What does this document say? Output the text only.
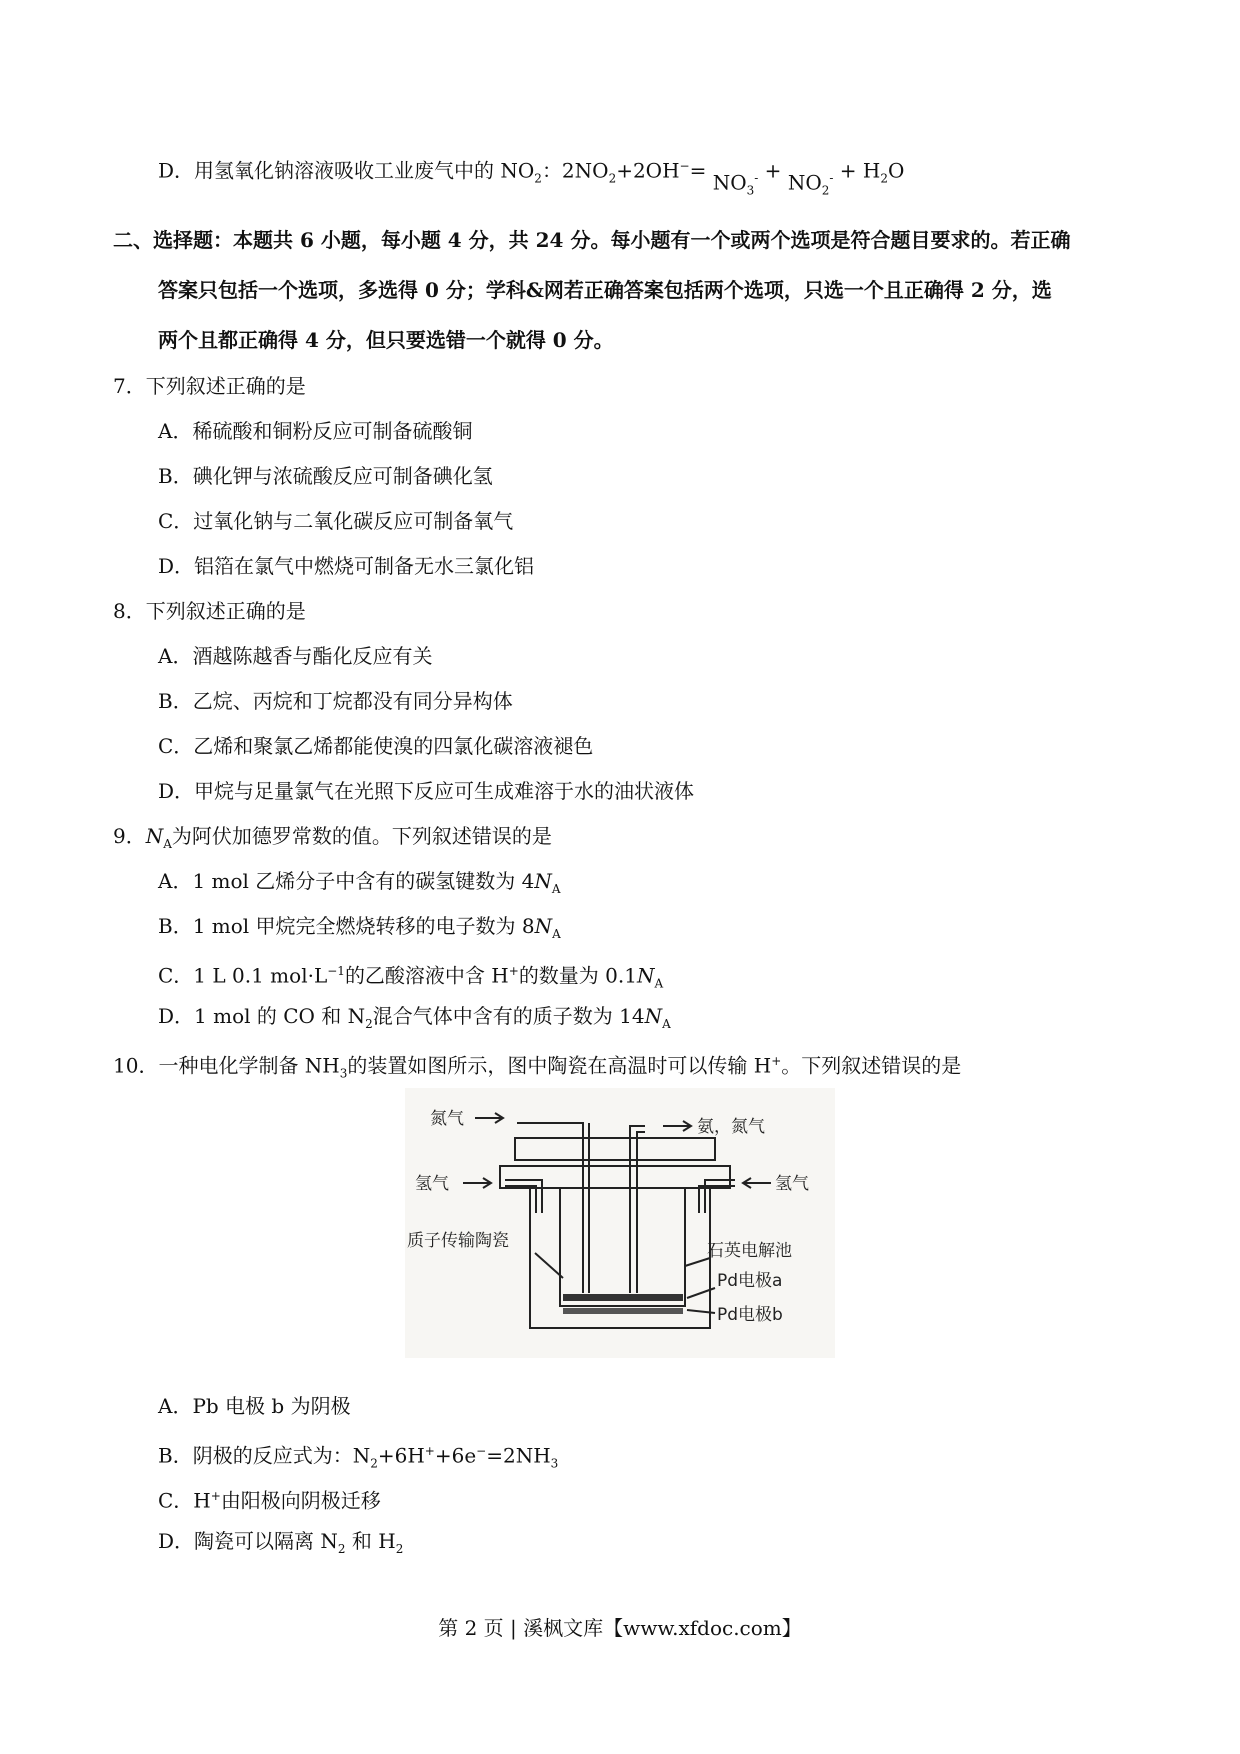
D．用氢氧化钠溶液吸收工业废气中的 $NO_2$：$2NO_2+2OH^-= NO_3^- + NO_2^- + H_2O$
二、选择题：本题共 6 小题，每小题 4 分，共 24 分。每小题有一个或两个选项是符合题目要求的。若正确
答案只包括一个选项，多选得 0 分；学科&网若正确答案包括两个选项，只选一个且正确得 2 分，选
两个且都正确得 4 分，但只要选错一个就得 0 分。
7．下列叙述正确的是
A．稀硫酸和铜粉反应可制备硫酸铜
B．碘化钾与浓硫酸反应可制备碘化氢
C．过氧化钠与二氧化碳反应可制备氧气
D．铝箔在氯气中燃烧可制备无水三氯化铝
8．下列叙述正确的是
A．酒越陈越香与酯化反应有关
B．乙烷、丙烷和丁烷都没有同分异构体
C．乙烯和聚氯乙烯都能使溴的四氯化碳溶液褪色
D．甲烷与足量氯气在光照下反应可生成难溶于水的油状液体
9．$N_A$为阿伏加德罗常数的值。下列叙述错误的是
A．1 mol 乙烯分子中含有的碳氢键数为 $4N_A$
B．1 mol 甲烷完全燃烧转移的电子数为 $8N_A$
C．1 L 0.1 $mol\cdot L^{-1}$的乙酸溶液中含 H+的数量为 $0.1N_A$
D．1 mol 的 CO 和 $N_2$混合气体中含有的质子数为 $14N_A$
10．一种电化学制备 $NH_3$的装置如图所示，图中陶瓷在高温时可以传输 H+。下列叙述错误的是
氮气	氨，氮气
氢气	氢气
质子传输陶瓷	石英电解池
Pd电极a
Pd电极b
A．Pb 电极 b 为阴极
B．阴极的反应式为：$N_2+6H^++6e^-=2NH_3$
C．H+由阳极向阴极迁移
D．陶瓷可以隔离 $N_2$ 和 $H_2$
第 2 页 | 溪枫文库【www.xfdoc.com】
